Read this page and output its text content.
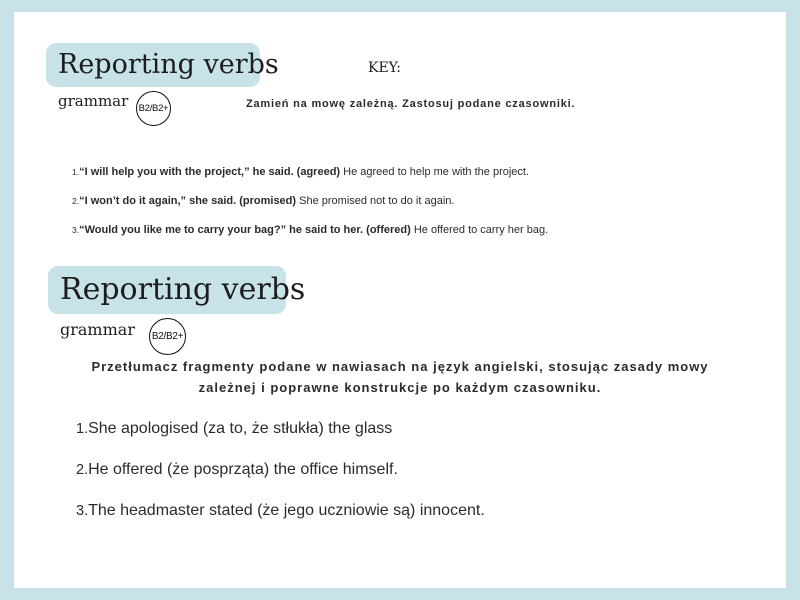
Reporting verbs
grammar B2/B2+
KEY:
Zamień na mowę zależną. Zastosuj podane czasowniki.
1.“I will help you with the project,” he said. (agreed) He agreed to help me with the project.
2.“I won’t do it again,” she said. (promised) She promised not to do it again.
3.“Would you like me to carry your bag?” he said to her. (offered) He offered to carry her bag.
Reporting verbs
grammar B2/B2+
Przetłumacz fragmenty podane w nawiasach na język angielski, stosując zasady mowy
zależnej i poprawne konstrukcje po każdym czasowniku.
1.She apologised (za to, że stłukła) the glass
2.He offered (że posprząta) the office himself.
3.The headmaster stated (że jego uczniowie są) innocent.
